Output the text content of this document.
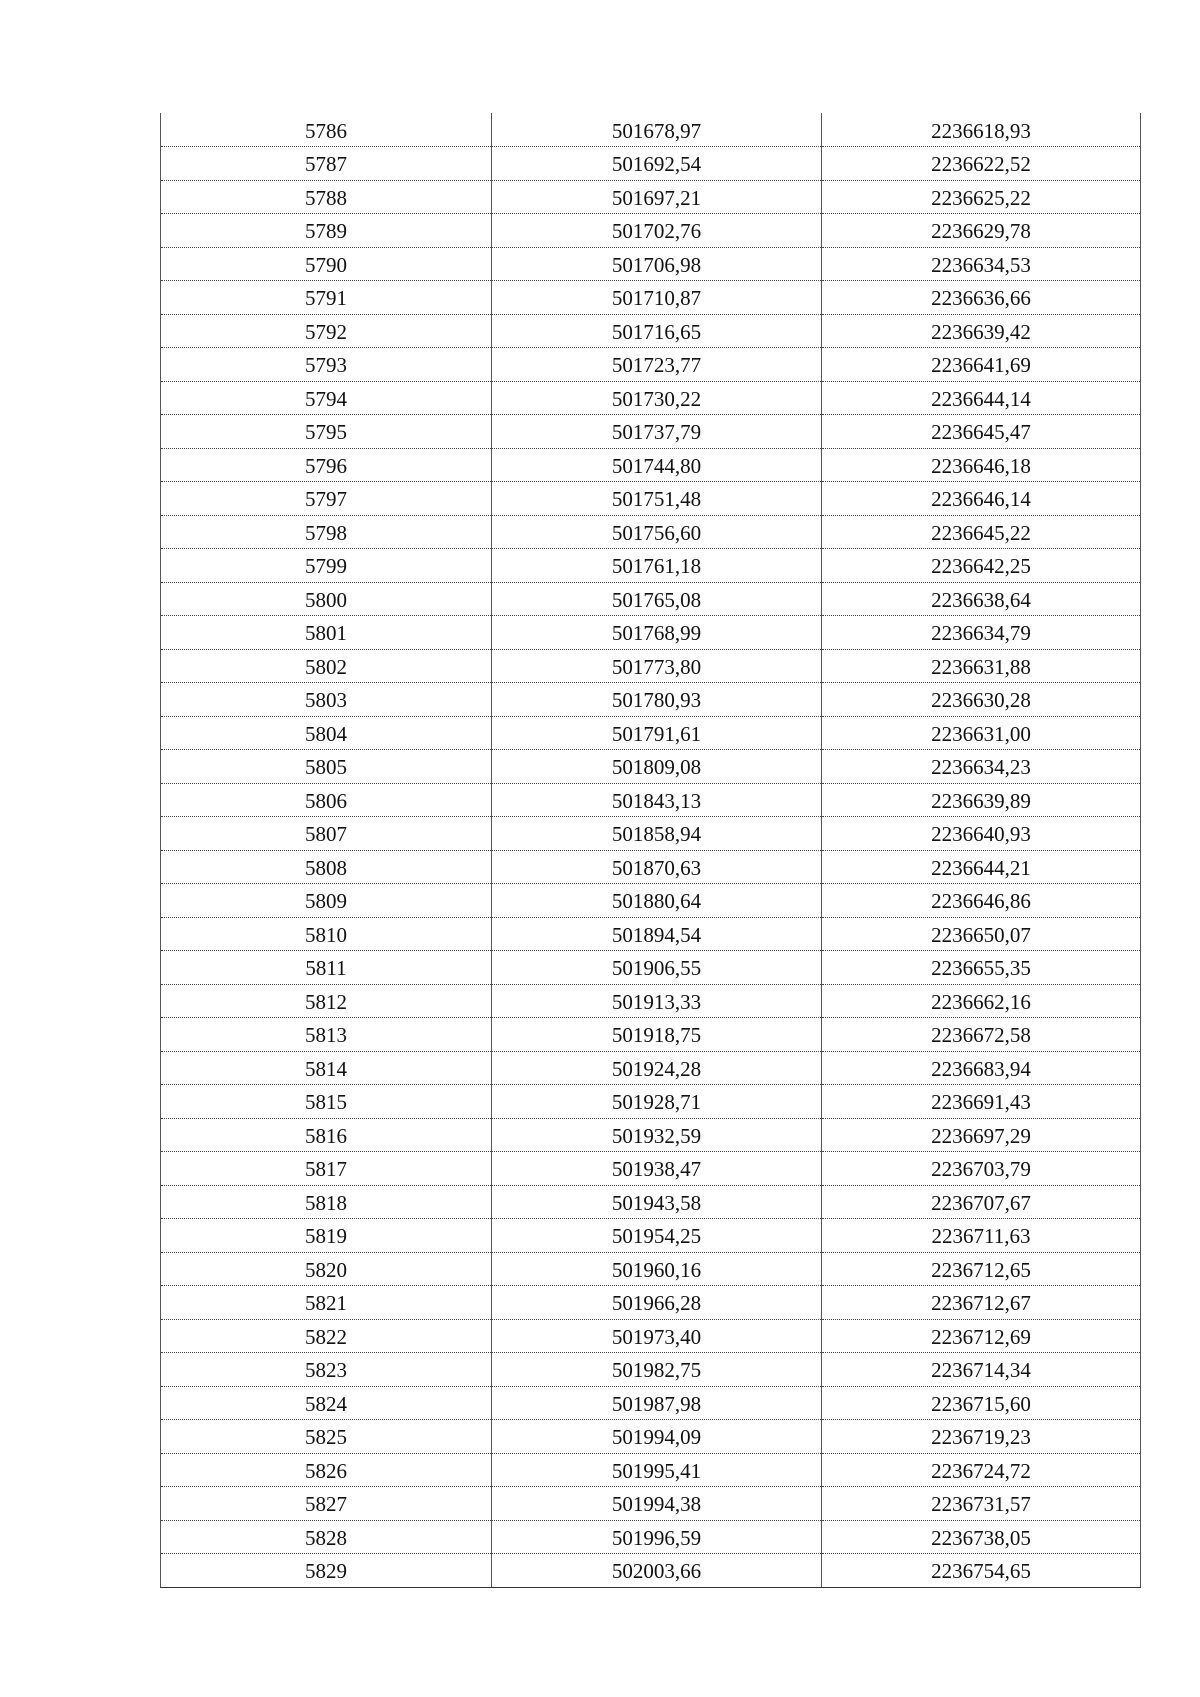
5786	501678,97	2236618,93
5787	501692,54	2236622,52
5788	501697,21	2236625,22
5789	501702,76	2236629,78
5790	501706,98	2236634,53
5791	501710,87	2236636,66
5792	501716,65	2236639,42
5793	501723,77	2236641,69
5794	501730,22	2236644,14
5795	501737,79	2236645,47
5796	501744,80	2236646,18
5797	501751,48	2236646,14
5798	501756,60	2236645,22
5799	501761,18	2236642,25
5800	501765,08	2236638,64
5801	501768,99	2236634,79
5802	501773,80	2236631,88
5803	501780,93	2236630,28
5804	501791,61	2236631,00
5805	501809,08	2236634,23
5806	501843,13	2236639,89
5807	501858,94	2236640,93
5808	501870,63	2236644,21
5809	501880,64	2236646,86
5810	501894,54	2236650,07
5811	501906,55	2236655,35
5812	501913,33	2236662,16
5813	501918,75	2236672,58
5814	501924,28	2236683,94
5815	501928,71	2236691,43
5816	501932,59	2236697,29
5817	501938,47	2236703,79
5818	501943,58	2236707,67
5819	501954,25	2236711,63
5820	501960,16	2236712,65
5821	501966,28	2236712,67
5822	501973,40	2236712,69
5823	501982,75	2236714,34
5824	501987,98	2236715,60
5825	501994,09	2236719,23
5826	501995,41	2236724,72
5827	501994,38	2236731,57
5828	501996,59	2236738,05
5829	502003,66	2236754,65
